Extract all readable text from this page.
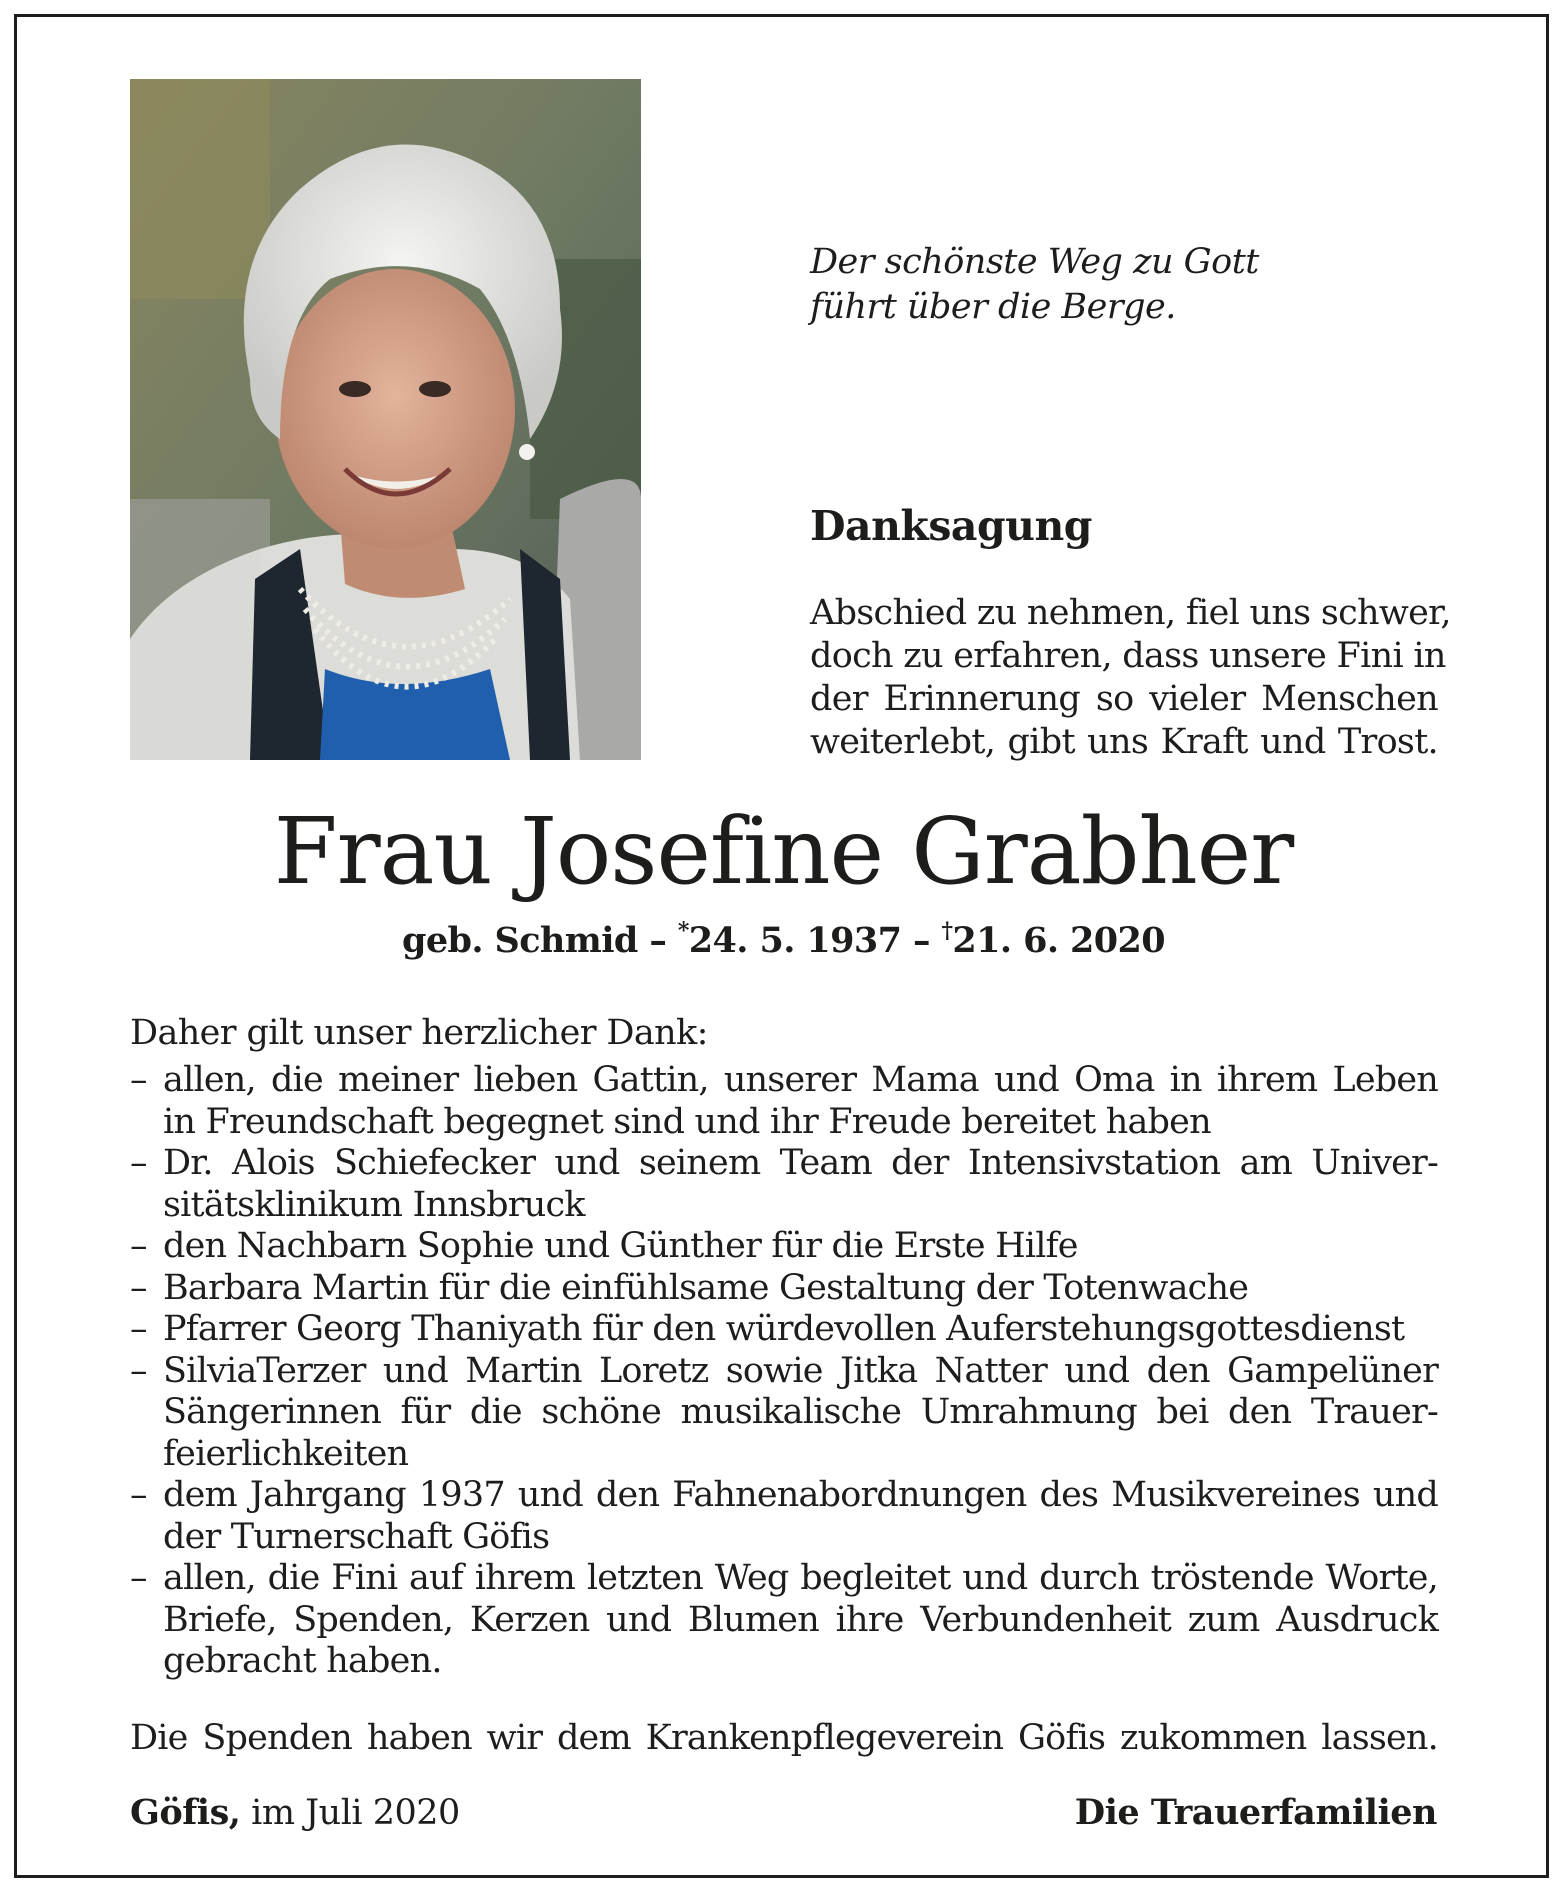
Der schönste Weg zu Gott
führt über die Berge.

Danksagung

Abschied zu nehmen, fiel uns schwer,
doch zu erfahren, dass unsere Fini in
der Erinnerung so vieler Menschen
weiterlebt, gibt uns Kraft und Trost.

Frau Josefine Grabher

geb. Schmid – *24. 5. 1937 – †21. 6. 2020

Daher gilt unser herzlicher Dank:

– allen, die meiner lieben Gattin, unserer Mama und Oma in ihrem Leben
in Freundschaft begegnet sind und ihr Freude bereitet haben
– Dr. Alois Schiefecker und seinem Team der Intensivstation am Univer-
sitätsklinikum Innsbruck
– den Nachbarn Sophie und Günther für die Erste Hilfe
– Barbara Martin für die einfühlsame Gestaltung der Totenwache
– Pfarrer Georg Thaniyath für den würdevollen Auferstehungsgottesdienst
– SilviaTerzer und Martin Loretz sowie Jitka Natter und den Gampelüner
Sängerinnen für die schöne musikalische Umrahmung bei den Trauer-
feierlichkeiten
– dem Jahrgang 1937 und den Fahnenabordnungen des Musikvereines und
der Turnerschaft Göfis
– allen, die Fini auf ihrem letzten Weg begleitet und durch tröstende Worte,
Briefe, Spenden, Kerzen und Blumen ihre Verbundenheit zum Ausdruck
gebracht haben.

Die Spenden haben wir dem Krankenpflegeverein Göfis zukommen lassen.

Göfis, im Juli 2020	Die Trauerfamilien
